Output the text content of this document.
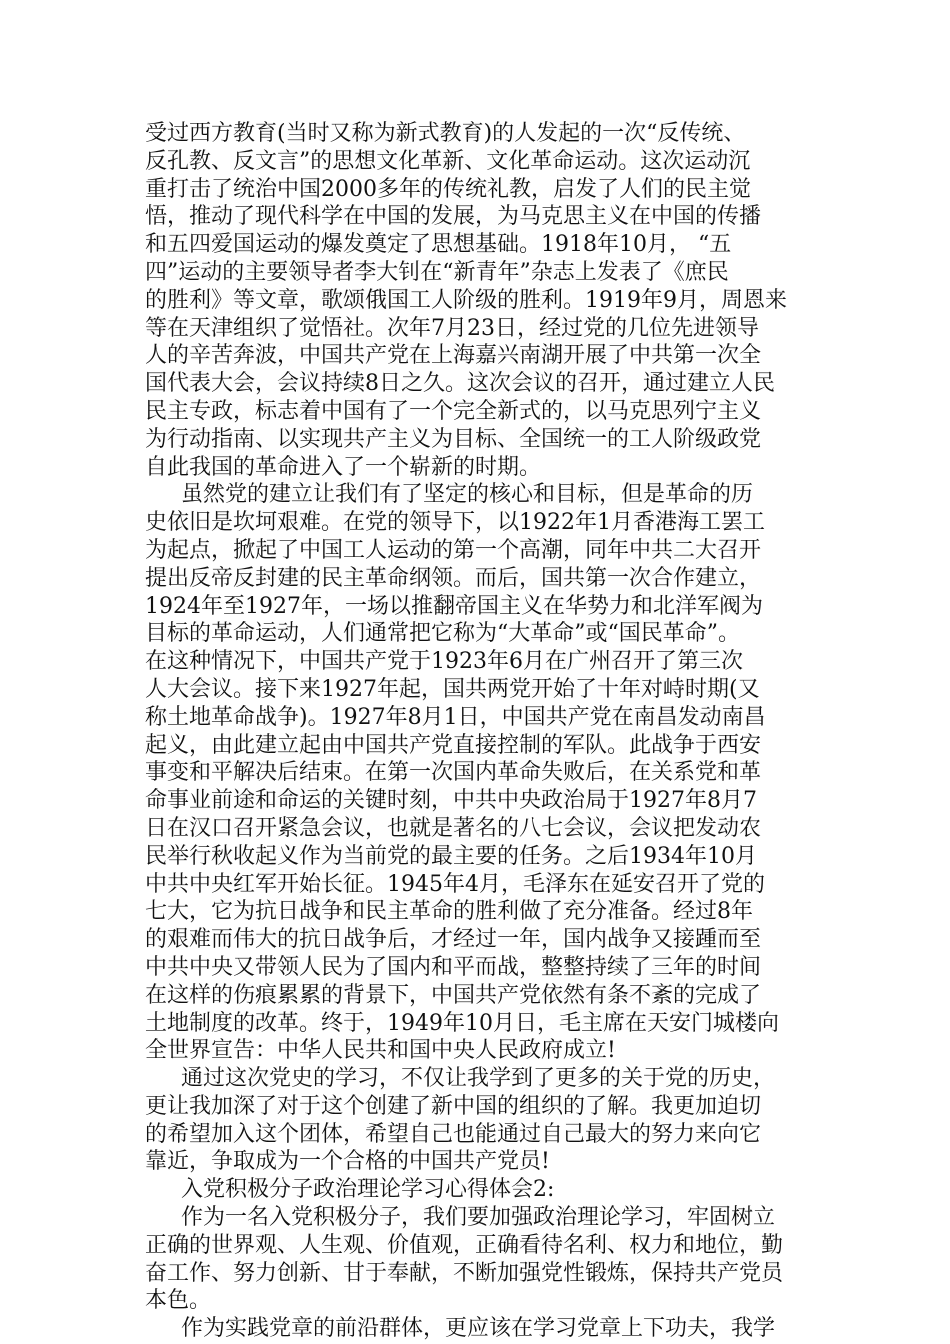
受过西方教育(当时又称为新式教育)的人发起的一次“反传统、
反孔教、反文言”的思想文化革新、文化革命运动。这次运动沉
重打击了统治中国2000多年的传统礼教，启发了人们的民主觉
悟，推动了现代科学在中国的发展，为马克思主义在中国的传播
和五四爱国运动的爆发奠定了思想基础。1918年10月， “五
四”运动的主要领导者李大钊在“新青年”杂志上发表了《庶民
的胜利》等文章，歌颂俄国工人阶级的胜利。1919年9月，周恩来
等在天津组织了觉悟社。次年7月23日，经过党的几位先进领导
人的辛苦奔波，中国共产党在上海嘉兴南湖开展了中共第一次全
国代表大会，会议持续8日之久。这次会议的召开，通过建立人民
民主专政，标志着中国有了一个完全新式的，以马克思列宁主义
为行动指南、以实现共产主义为目标、全国统一的工人阶级政党
自此我国的革命进入了一个崭新的时期。
虽然党的建立让我们有了坚定的核心和目标，但是革命的历
史依旧是坎坷艰难。在党的领导下，以1922年1月香港海工罢工
为起点，掀起了中国工人运动的第一个高潮，同年中共二大召开
提出反帝反封建的民主革命纲领。而后，国共第一次合作建立，
1924年至1927年，一场以推翻帝国主义在华势力和北洋军阀为
目标的革命运动，人们通常把它称为“大革命”或“国民革命”。
在这种情况下，中国共产党于1923年6月在广州召开了第三次
人大会议。接下来1927年起，国共两党开始了十年对峙时期(又
称土地革命战争)。1927年8月1日，中国共产党在南昌发动南昌
起义，由此建立起由中国共产党直接控制的军队。此战争于西安
事变和平解决后结束。在第一次国内革命失败后，在关系党和革
命事业前途和命运的关键时刻，中共中央政治局于1927年8月7
日在汉口召开紧急会议，也就是著名的八七会议，会议把发动农
民举行秋收起义作为当前党的最主要的任务。之后1934年10月
中共中央红军开始长征。1945年4月，毛泽东在延安召开了党的
七大，它为抗日战争和民主革命的胜利做了充分准备。经过8年
的艰难而伟大的抗日战争后，才经过一年，国内战争又接踵而至
中共中央又带领人民为了国内和平而战，整整持续了三年的时间
在这样的伤痕累累的背景下，中国共产党依然有条不紊的完成了
土地制度的改革。终于，1949年10月日，毛主席在天安门城楼向
全世界宣告：中华人民共和国中央人民政府成立!
通过这次党史的学习，不仅让我学到了更多的关于党的历史，
更让我加深了对于这个创建了新中国的组织的了解。我更加迫切
的希望加入这个团体，希望自己也能通过自己最大的努力来向它
靠近，争取成为一个合格的中国共产党员!
入党积极分子政治理论学习心得体会2:
作为一名入党积极分子，我们要加强政治理论学习，牢固树立
正确的世界观、人生观、价值观，正确看待名利、权力和地位，勤
奋工作、努力创新、甘于奉献，不断加强党性锻炼，保持共产党员
本色。
作为实践党章的前沿群体，更应该在学习党章上下功夫，我学
